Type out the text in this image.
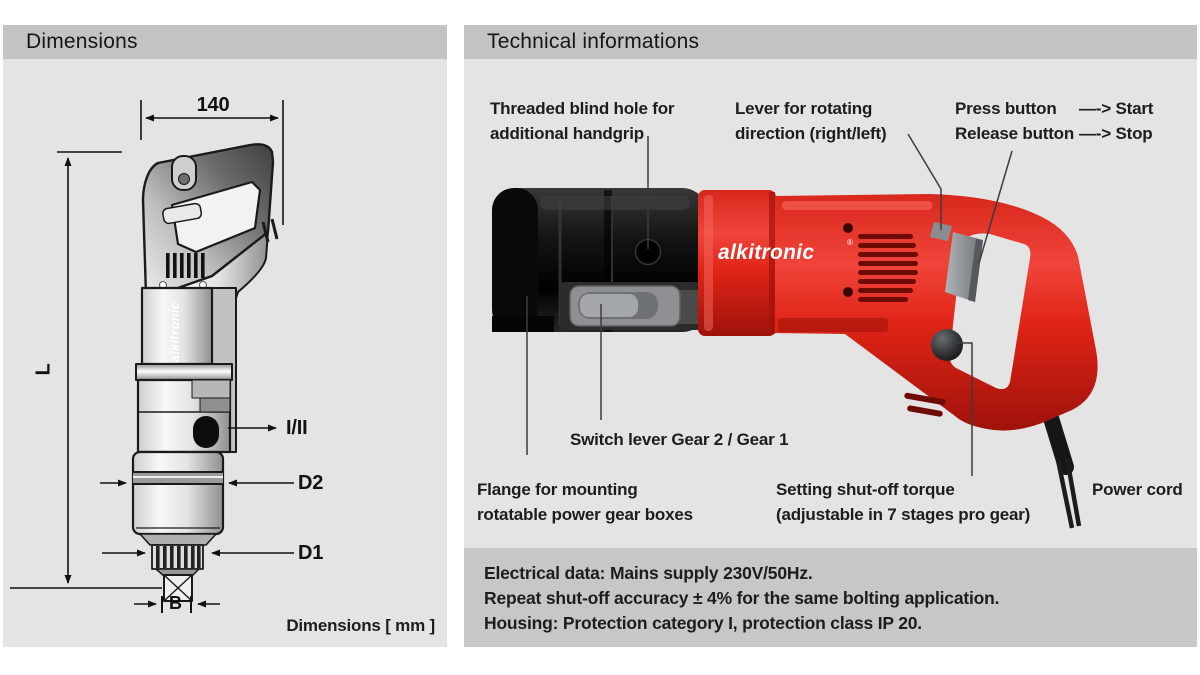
Dimensions	Technical informations
alkitronic
alkitronic	®
140
L
I/II
D2
D1
B
Dimensions [ mm ]
Threaded blind hole for
additional handgrip
Lever for rotating
direction (right/left)
Press button	—-> Start
Release button —-> Stop
Switch lever Gear 2 / Gear 1
Flange for mounting
rotatable power gear boxes
Setting shut-off torque
(adjustable in 7 stages pro gear)
Power cord
Electrical data: Mains supply 230V/50Hz.
Repeat shut-off accuracy ± 4% for the same bolting application.
Housing: Protection category I, protection class IP 20.
